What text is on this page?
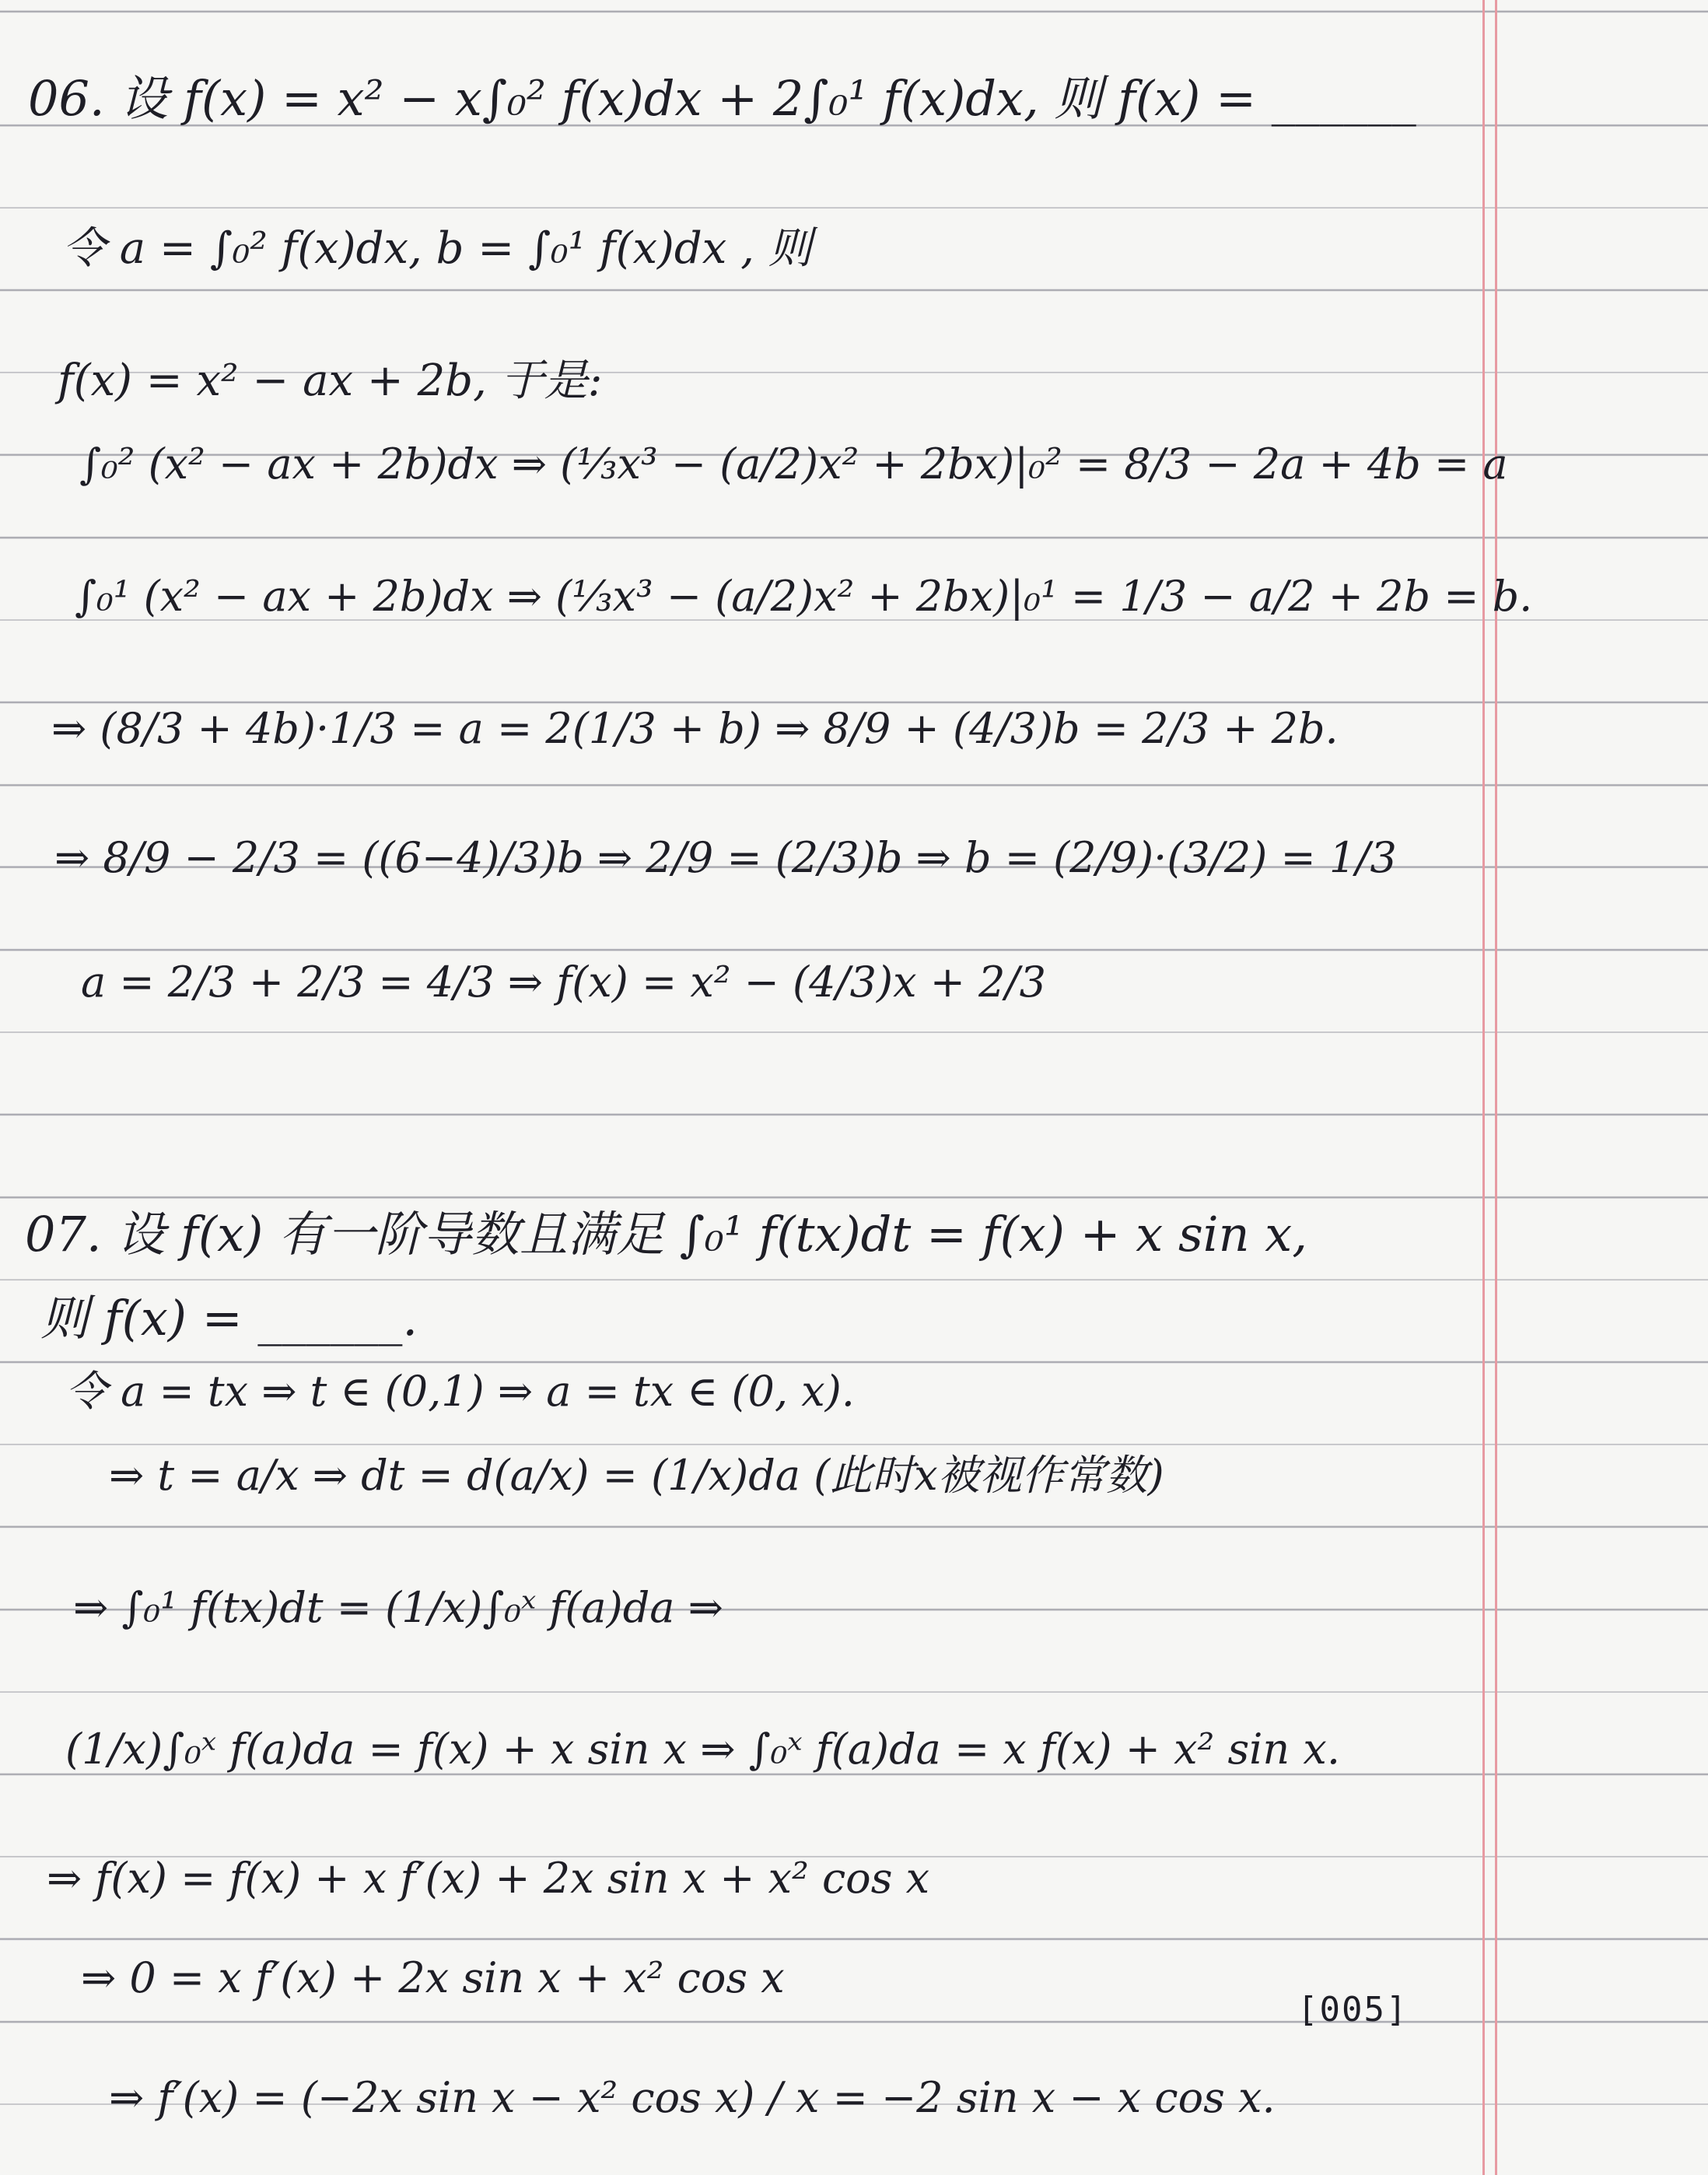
06. 设 f(x) = x² − x∫₀² f(x)dx + 2∫₀¹ f(x)dx, 则 f(x) = ______
令 a = ∫₀² f(x)dx, b = ∫₀¹ f(x)dx , 则
f(x) = x² − ax + 2b, 于是:
∫₀² (x² − ax + 2b)dx ⇒ (⅓x³ − (a/2)x² + 2bx)|₀² = 8/3 − 2a + 4b = a
∫₀¹ (x² − ax + 2b)dx ⇒ (⅓x³ − (a/2)x² + 2bx)|₀¹ = 1/3 − a/2 + 2b = b.
⇒ (8/3 + 4b)·1/3 = a = 2(1/3 + b) ⇒ 8/9 + (4/3)b = 2/3 + 2b.
⇒ 8/9 − 2/3 = ((6−4)/3)b ⇒ 2/9 = (2/3)b ⇒ b = (2/9)·(3/2) = 1/3
a = 2/3 + 2/3 = 4/3 ⇒ f(x) = x² − (4/3)x + 2/3
07. 设 f(x) 有一阶导数且满足 ∫₀¹ f(tx)dt = f(x) + x sin x,
则 f(x) = ______.
令 a = tx ⇒ t ∈ (0,1) ⇒ a = tx ∈ (0, x).
⇒ t = a/x ⇒ dt = d(a/x) = (1/x)da (此时x被视作常数)
⇒ ∫₀¹ f(tx)dt = (1/x)∫₀ˣ f(a)da ⇒
(1/x)∫₀ˣ f(a)da = f(x) + x sin x ⇒ ∫₀ˣ f(a)da = x f(x) + x² sin x.
⇒ f(x) = f(x) + x f′(x) + 2x sin x + x² cos x
⇒ 0 = x f′(x) + 2x sin x + x² cos x
⇒ f′(x) = (−2x sin x − x² cos x) / x = −2 sin x − x cos x.
[005]
